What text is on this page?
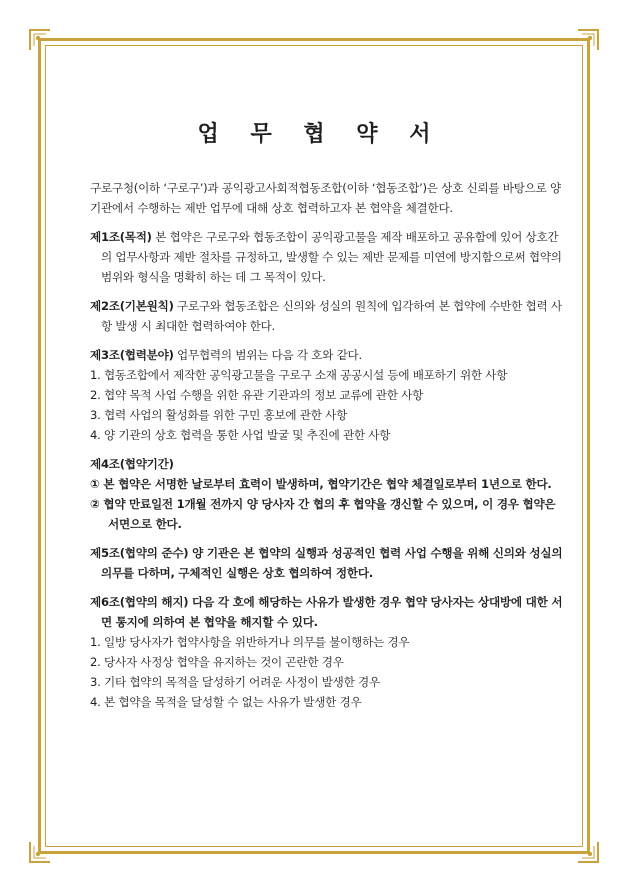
업 무 협 약 서

구로구청(이하 ‘구로구’)과 공익광고사회적협동조합(이하 ‘협동조합’)은 상호 신뢰를 바탕으로 양 기관에서 수행하는 제반 업무에 대해 상호 협력하고자 본 협약을 체결한다.

제1조(목적) 본 협약은 구로구와 협동조합이 공익광고물을 제작 배포하고 공유함에 있어 상호간의 업무사항과 제반 절차를 규정하고, 발생할 수 있는 제반 문제를 미연에 방지함으로써 협약의 범위와 형식을 명확히 하는 데 그 목적이 있다.

제2조(기본원칙) 구로구와 협동조합은 신의와 성실의 원칙에 입각하여 본 협약에 수반한 협력 사항 발생 시 최대한 협력하여야 한다.

제3조(협력분야) 업무협력의 범위는 다음 각 호와 같다.

1. 협동조합에서 제작한 공익광고물을 구로구 소재 공공시설 등에 배포하기 위한 사항
2. 협약 목적 사업 수행을 위한 유관 기관과의 정보 교류에 관한 사항
3. 협력 사업의 활성화를 위한 구민 홍보에 관한 사항
4. 양 기관의 상호 협력을 통한 사업 발굴 및 추진에 관한 사항

제4조(협약기간)

① 본 협약은 서명한 날로부터 효력이 발생하며, 협약기간은 협약 체결일로부터 1년으로 한다.
② 협약 만료일전 1개월 전까지 양 당사자 간 협의 후 협약을 갱신할 수 있으며, 이 경우 협약은 서면으로 한다.

제5조(협약의 준수) 양 기관은 본 협약의 실행과 성공적인 협력 사업 수행을 위해 신의와 성실의 의무를 다하며, 구체적인 실행은 상호 협의하여 정한다.

제6조(협약의 해지) 다음 각 호에 해당하는 사유가 발생한 경우 협약 당사자는 상대방에 대한 서면 통지에 의하여 본 협약을 해지할 수 있다.

1. 일방 당사자가 협약사항을 위반하거나 의무를 불이행하는 경우
2. 당사자 사정상 협약을 유지하는 것이 곤란한 경우
3. 기타 협약의 목적을 달성하기 어려운 사정이 발생한 경우
4. 본 협약을 목적을 달성할 수 없는 사유가 발생한 경우
